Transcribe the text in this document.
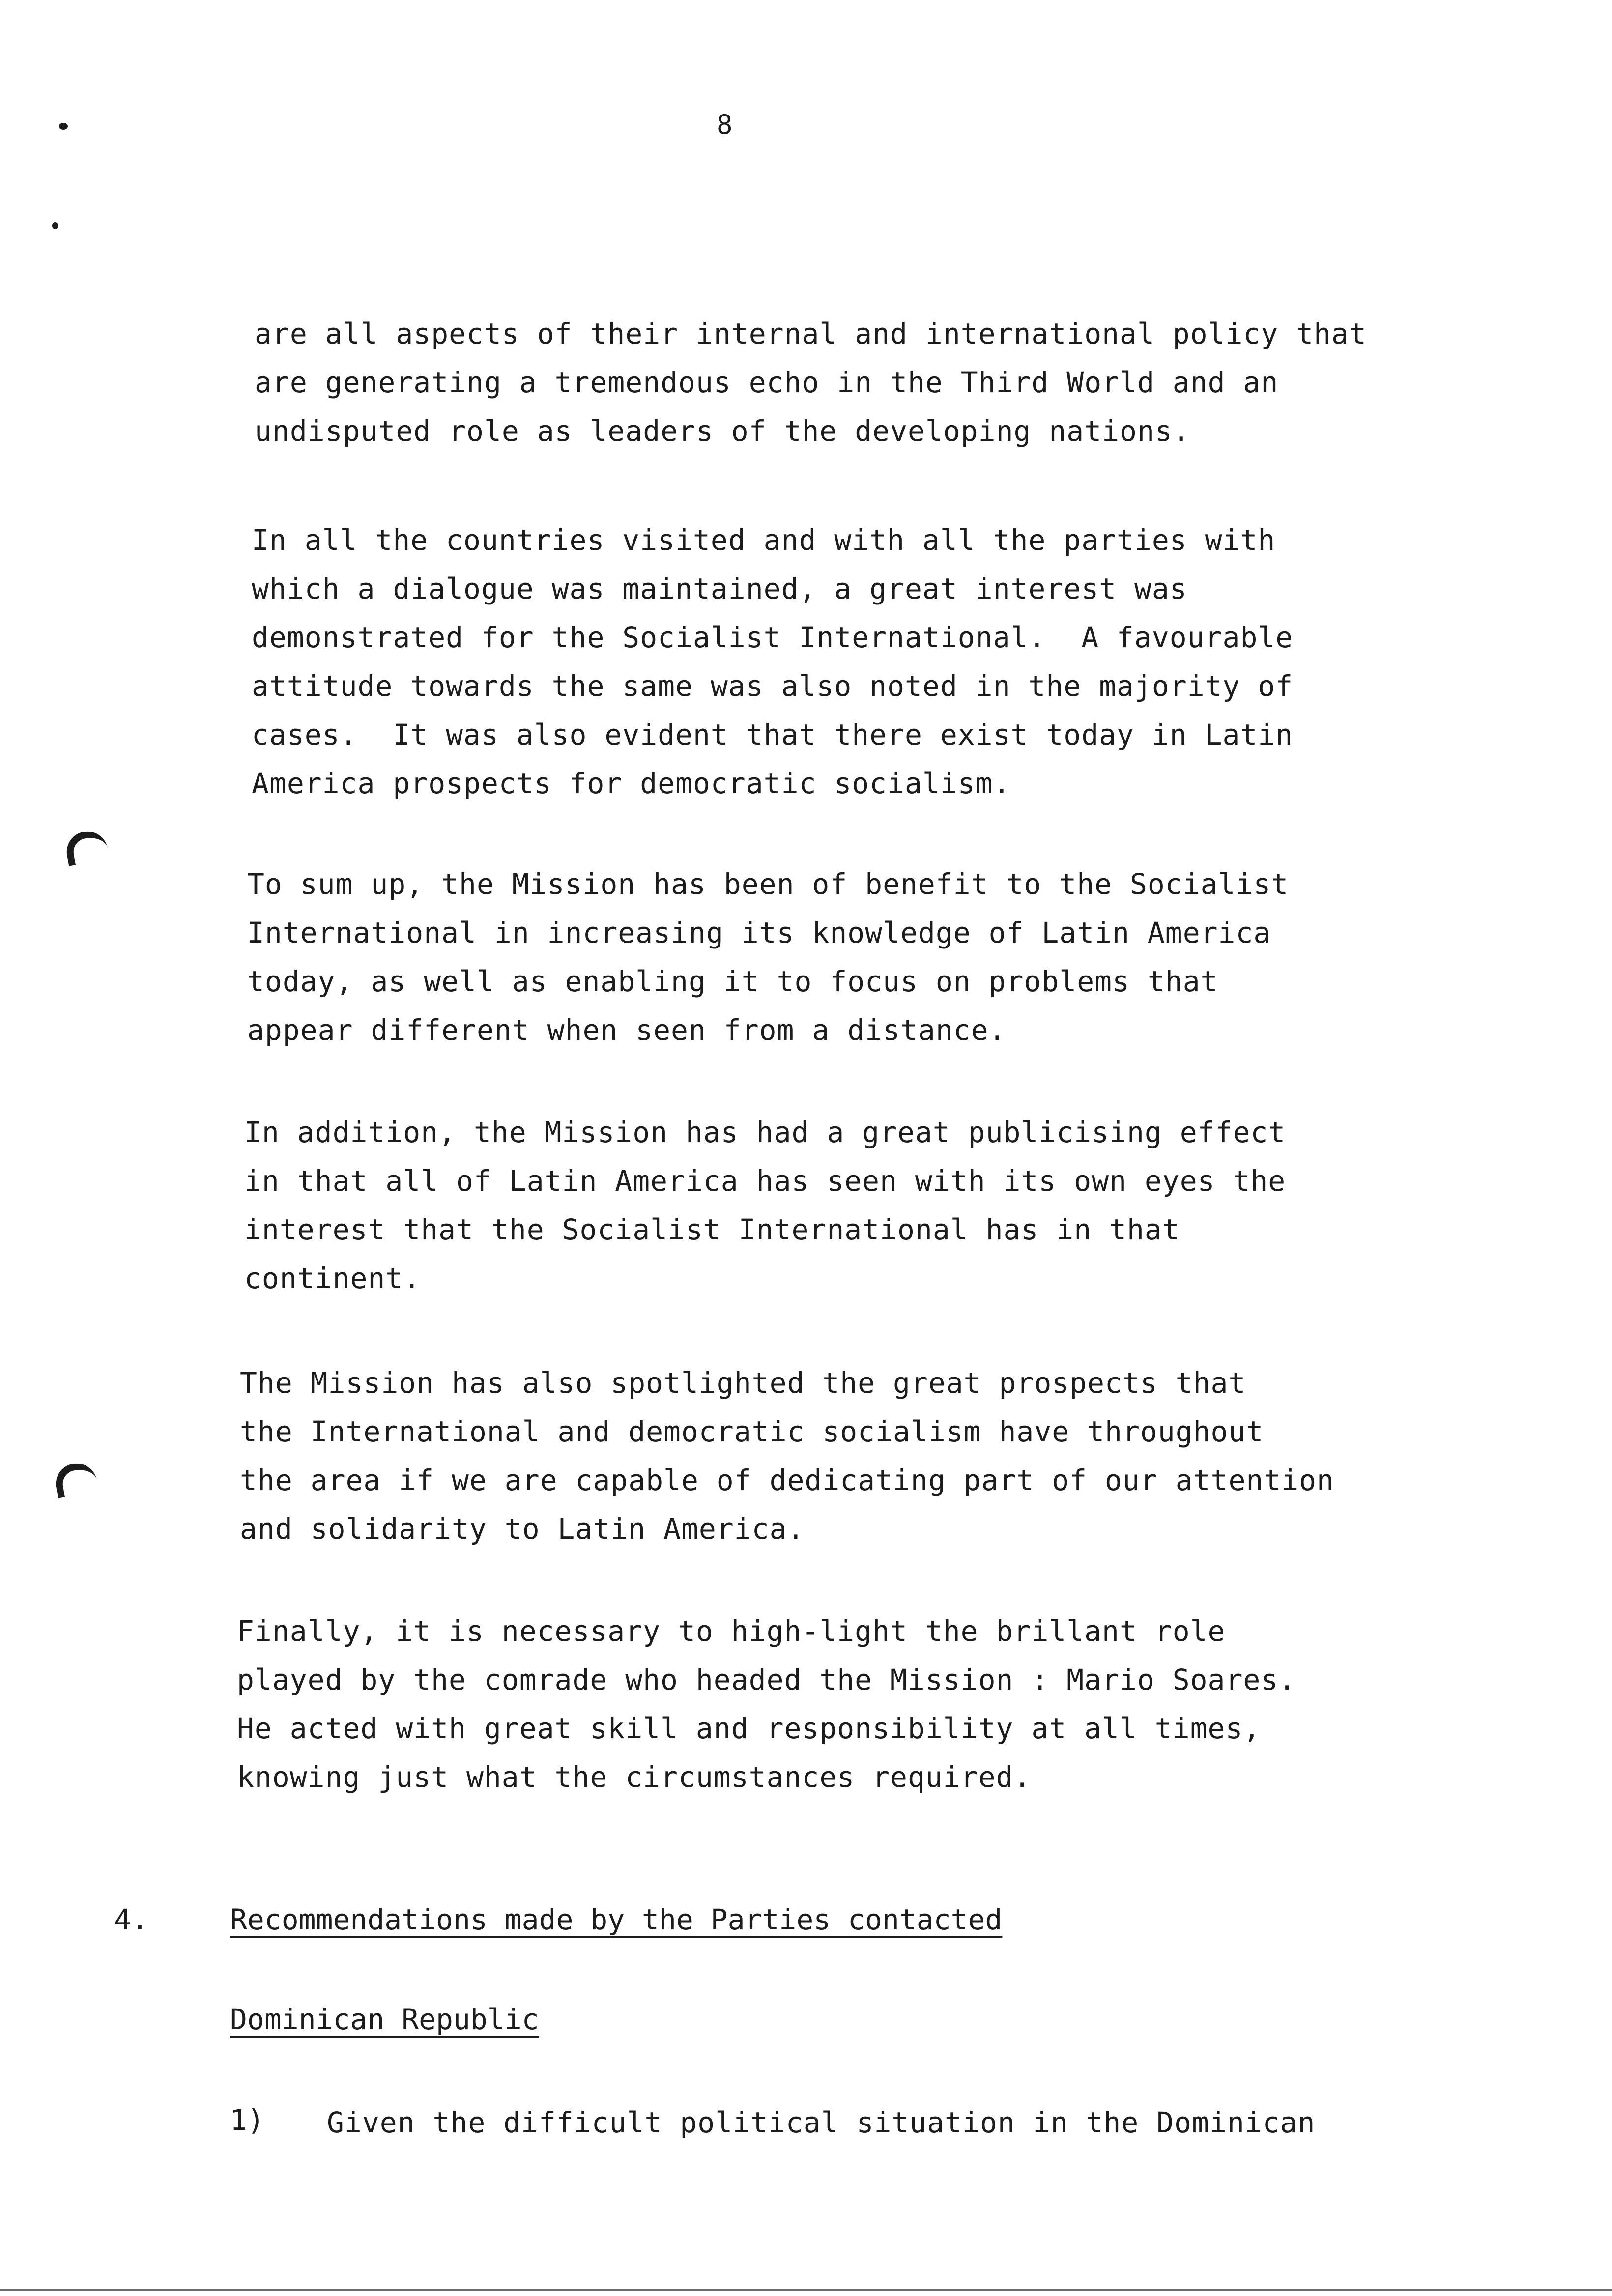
8
are all aspects of their internal and international policy that
are generating a tremendous echo in the Third World and an
undisputed role as leaders of the developing nations.
In all the countries visited and with all the parties with
which a dialogue was maintained, a great interest was
demonstrated for the Socialist International.  A favourable
attitude towards the same was also noted in the majority of
cases.  It was also evident that there exist today in Latin
America prospects for democratic socialism.
To sum up, the Mission has been of benefit to the Socialist
International in increasing its knowledge of Latin America
today, as well as enabling it to focus on problems that
appear different when seen from a distance.
In addition, the Mission has had a great publicising effect
in that all of Latin America has seen with its own eyes the
interest that the Socialist International has in that
continent.
The Mission has also spotlighted the great prospects that
the International and democratic socialism have throughout
the area if we are capable of dedicating part of our attention
and solidarity to Latin America.
Finally, it is necessary to high-light the brillant role
played by the comrade who headed the Mission : Mario Soares.
He acted with great skill and responsibility at all times,
knowing just what the circumstances required.
4.	Recommendations made by the Parties contacted
Dominican Republic
1) Given the difficult political situation in the Dominican
